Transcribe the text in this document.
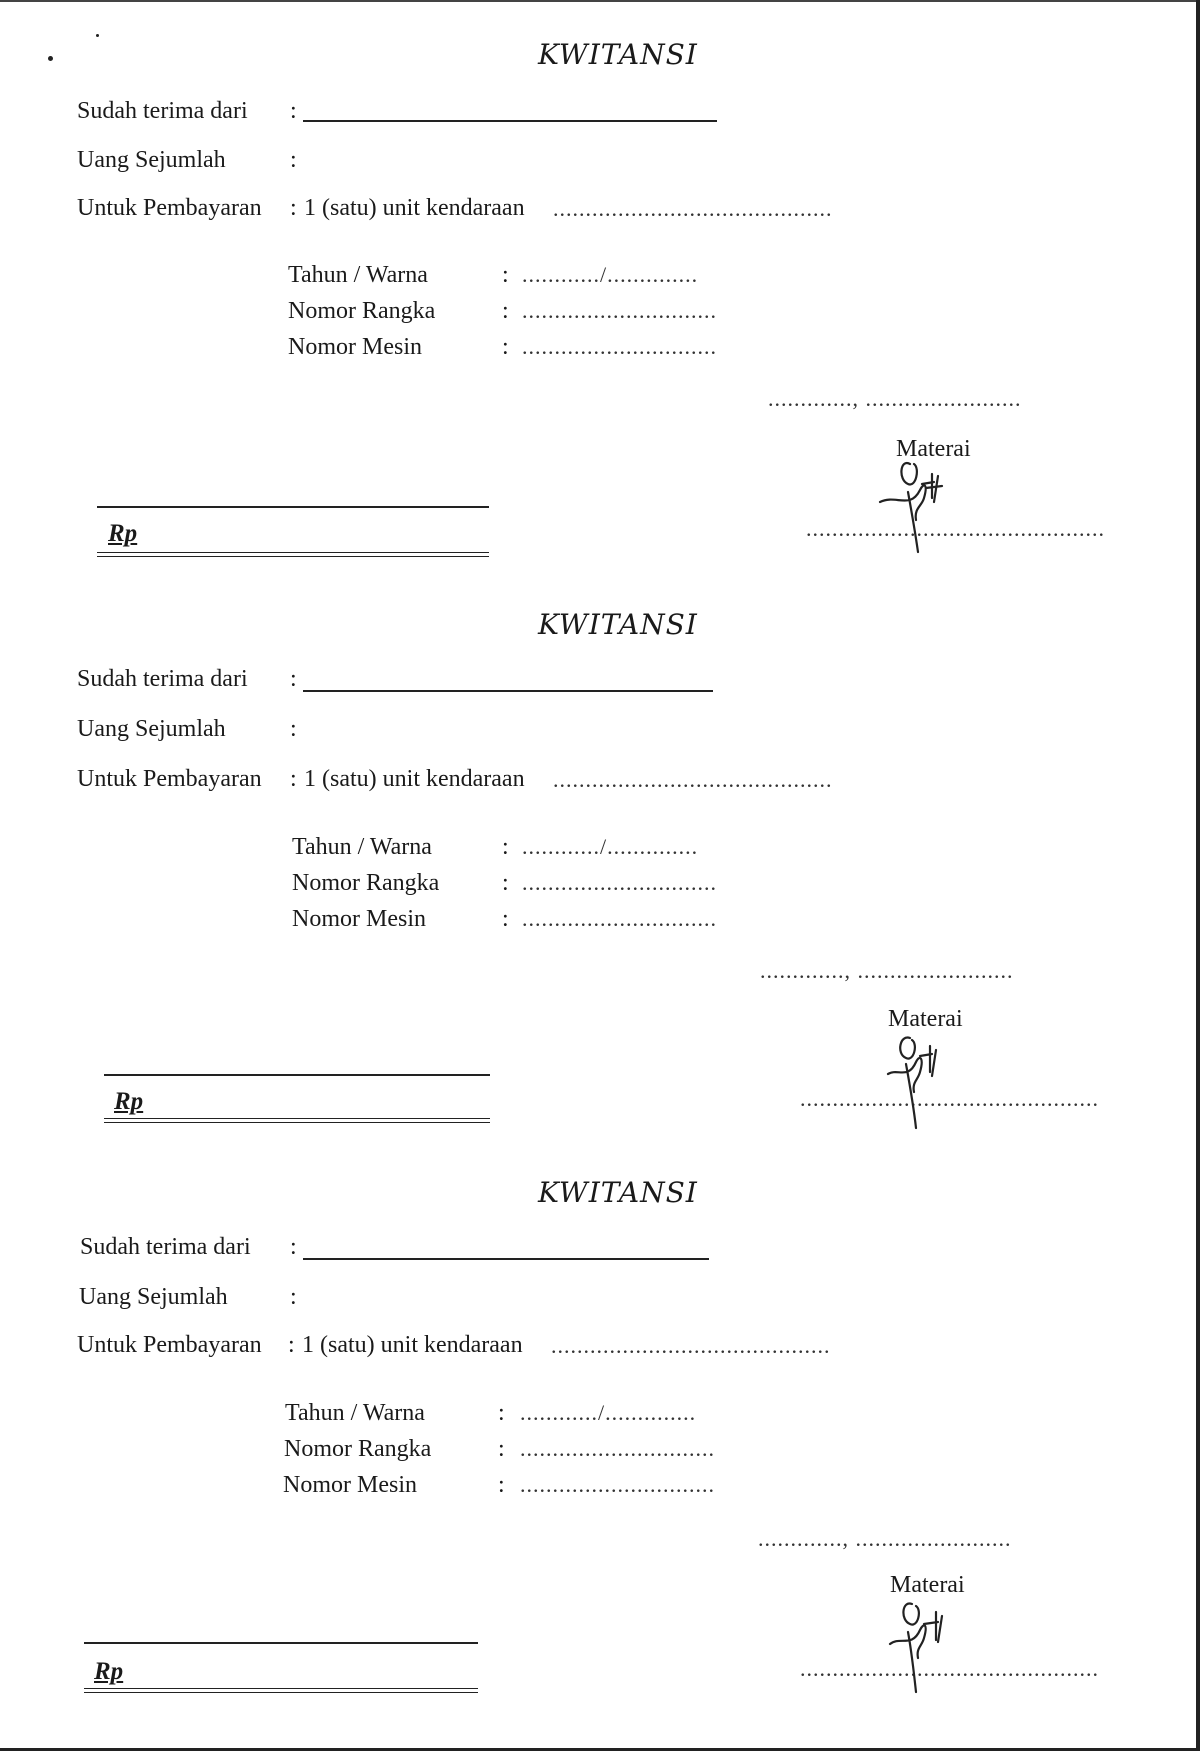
KWITANSI
Sudah terima dari :
Uang Sejumlah	:
Untuk Pembayaran : 1 (satu) unit kendaraan ...........................................
Tahun / Warna	: ............/..............
Nomor Rangka	: ..............................
Nomor Mesin	: ..............................
............., ........................
Materai
Rp	..............................................
KWITANSI
Sudah terima dari :
Uang Sejumlah	:
Untuk Pembayaran : 1 (satu) unit kendaraan ...........................................
Tahun / Warna	: ............/..............
Nomor Rangka	: ..............................
Nomor Mesin	: ..............................
............., ........................
Materai
Rp	..............................................
KWITANSI
Sudah terima dari :
Uang Sejumlah	:
Untuk Pembayaran : 1 (satu) unit kendaraan ...........................................
Tahun / Warna	: ............/..............
Nomor Rangka	: ..............................
Nomor Mesin	: ..............................
............., ........................
Materai
Rp	..............................................
